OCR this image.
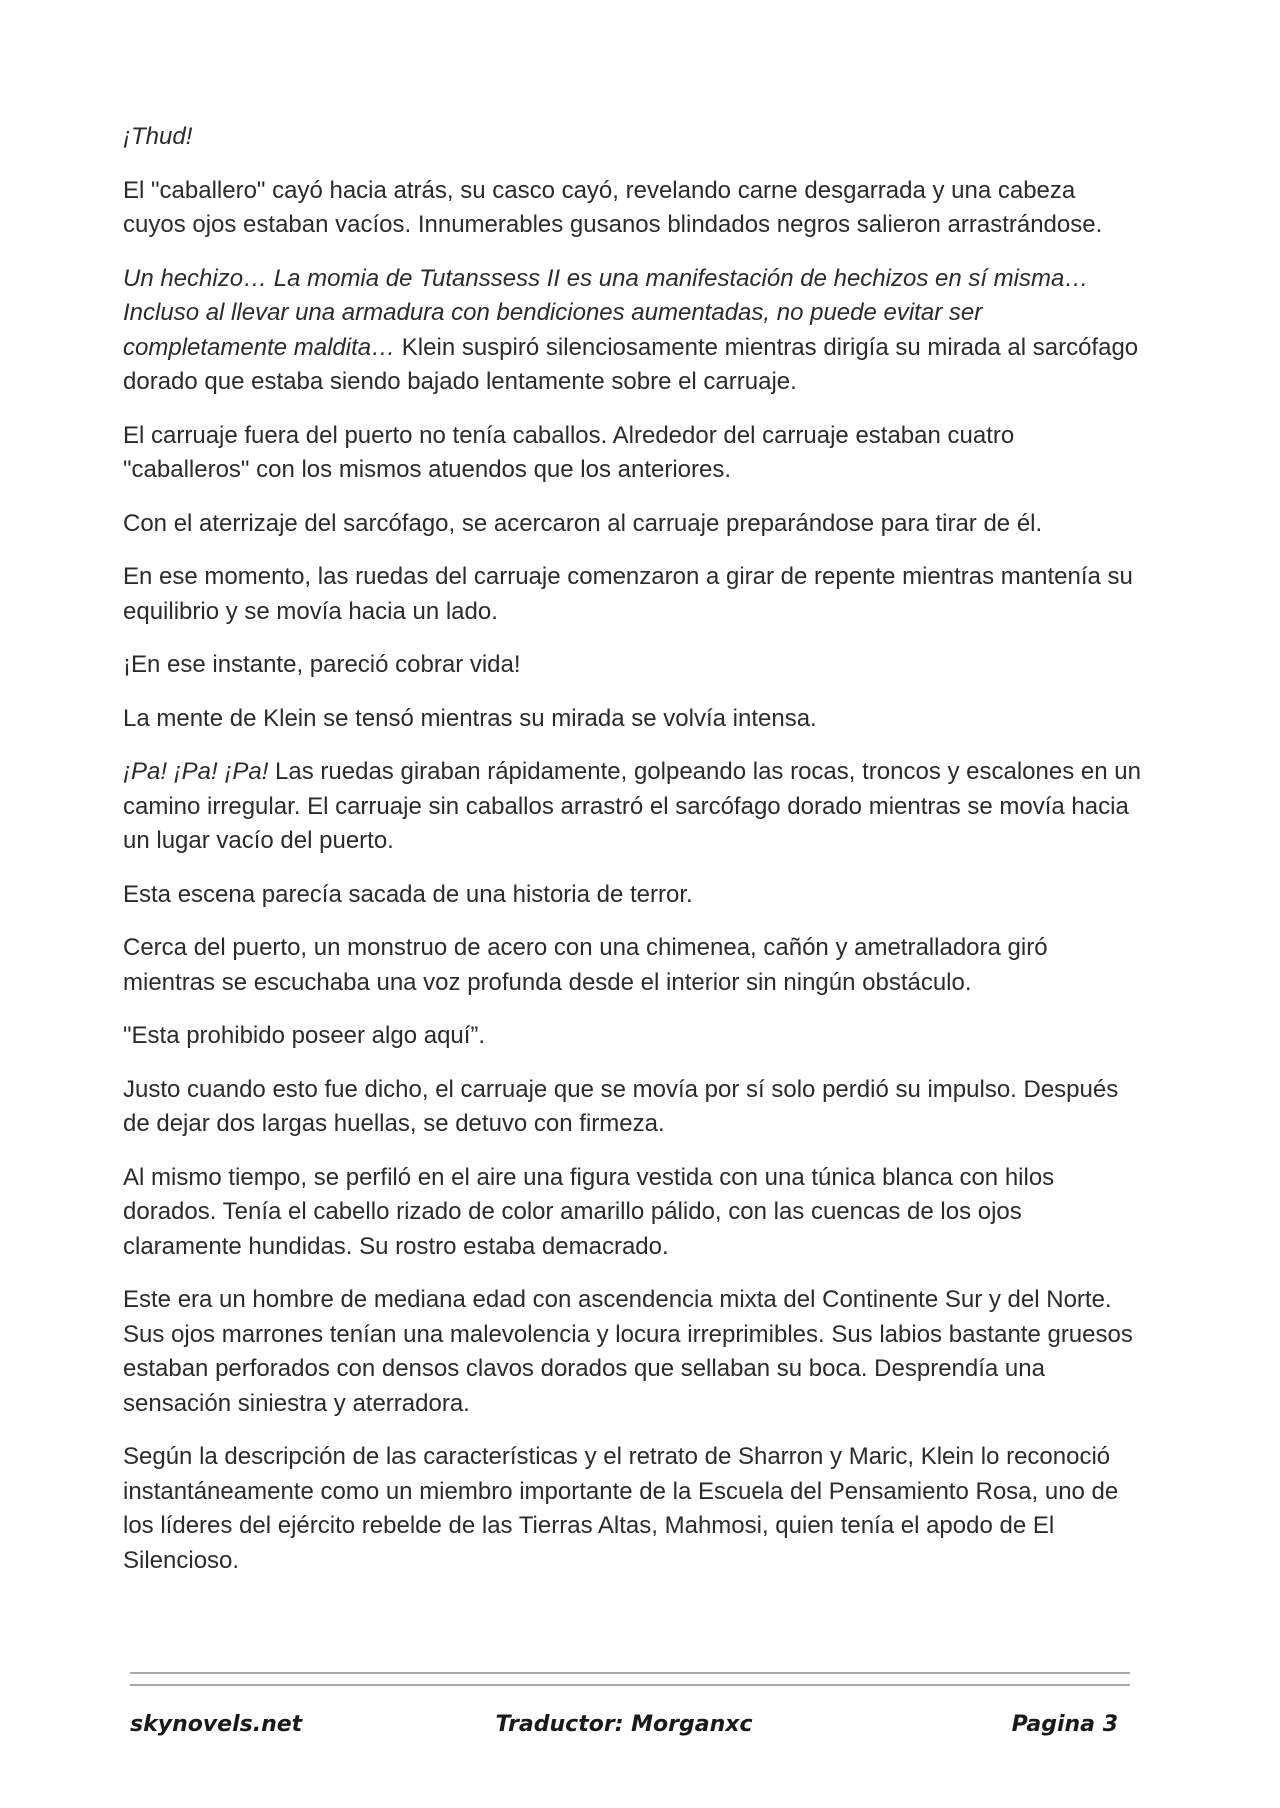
¡Thud!

El "caballero" cayó hacia atrás, su casco cayó, revelando carne desgarrada y una cabeza cuyos ojos estaban vacíos. Innumerables gusanos blindados negros salieron arrastrándose.

Un hechizo… La momia de Tutanssess II es una manifestación de hechizos en sí misma… Incluso al llevar una armadura con bendiciones aumentadas, no puede evitar ser completamente maldita… Klein suspiró silenciosamente mientras dirigía su mirada al sarcófago dorado que estaba siendo bajado lentamente sobre el carruaje.

El carruaje fuera del puerto no tenía caballos. Alrededor del carruaje estaban cuatro "caballeros" con los mismos atuendos que los anteriores.

Con el aterrizaje del sarcófago, se acercaron al carruaje preparándose para tirar de él.

En ese momento, las ruedas del carruaje comenzaron a girar de repente mientras mantenía su equilibrio y se movía hacia un lado.

¡En ese instante, pareció cobrar vida!

La mente de Klein se tensó mientras su mirada se volvía intensa.

¡Pa! ¡Pa! ¡Pa! Las ruedas giraban rápidamente, golpeando las rocas, troncos y escalones en un camino irregular. El carruaje sin caballos arrastró el sarcófago dorado mientras se movía hacia un lugar vacío del puerto.

Esta escena parecía sacada de una historia de terror.

Cerca del puerto, un monstruo de acero con una chimenea, cañón y ametralladora giró mientras se escuchaba una voz profunda desde el interior sin ningún obstáculo.

"Esta prohibido poseer algo aquí”.

Justo cuando esto fue dicho, el carruaje que se movía por sí solo perdió su impulso. Después de dejar dos largas huellas, se detuvo con firmeza.

Al mismo tiempo, se perfiló en el aire una figura vestida con una túnica blanca con hilos dorados. Tenía el cabello rizado de color amarillo pálido, con las cuencas de los ojos claramente hundidas. Su rostro estaba demacrado.

Este era un hombre de mediana edad con ascendencia mixta del Continente Sur y del Norte. Sus ojos marrones tenían una malevolencia y locura irreprimibles. Sus labios bastante gruesos estaban perforados con densos clavos dorados que sellaban su boca. Desprendía una sensación siniestra y aterradora.

Según la descripción de las características y el retrato de Sharron y Maric, Klein lo reconoció instantáneamente como un miembro importante de la Escuela del Pensamiento Rosa, uno de los líderes del ejército rebelde de las Tierras Altas, Mahmosi, quien tenía el apodo de El Silencioso.

skynovels.net	Traductor: Morganxc	Pagina 3
